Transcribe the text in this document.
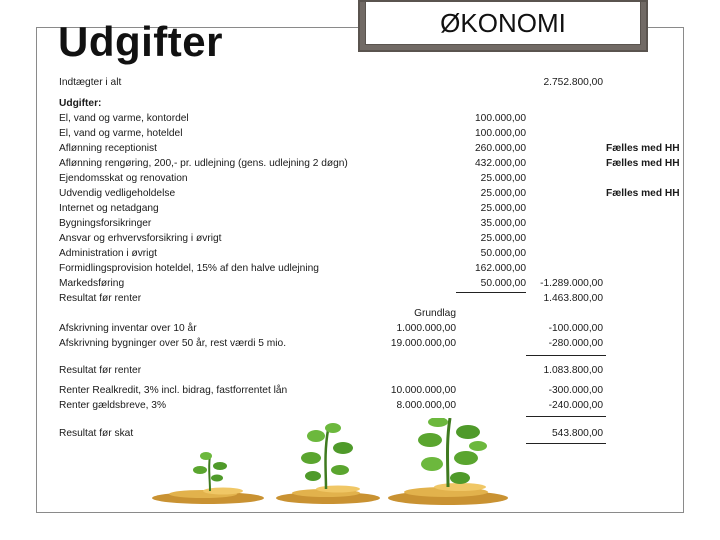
Udgifter	ØKONOMI
Indtægter i alt	2.752.800,00
Udgifter:
El, vand og varme, kontordel	100.000,00
El, vand og varme, hoteldel	100.000,00
Aflønning receptionist	260.000,00	Fælles med HH
Aflønning rengøring, 200,- pr. udlejning (gens. udlejning 2 døgn)	432.000,00	Fælles med HH
Ejendomsskat og renovation	25.000,00
Udvendig vedligeholdelse	25.000,00	Fælles med HH
Internet og netadgang	25.000,00
Bygningsforsikringer	35.000,00
Ansvar og erhvervsforsikring i øvrigt	25.000,00
Administration i øvrigt	50.000,00
Formidlingsprovision hoteldel, 15% af den halve udlejning	162.000,00
Markedsføring	50.000,00 -1.289.000,00
Resultat før renter	1.463.800,00
Grundlag
Afskrivning inventar over 10 år	1.000.000,00	-100.000,00
Afskrivning bygninger over 50 år, rest værdi 5 mio.	19.000.000,00	-280.000,00
Resultat før renter	1.083.800,00
Renter Realkredit, 3% incl. bidrag, fastforrentet lån	10.000.000,00	-300.000,00
Renter gældsbreve, 3%	8.000.000,00	-240.000,00
Resultat før skat	543.800,00
